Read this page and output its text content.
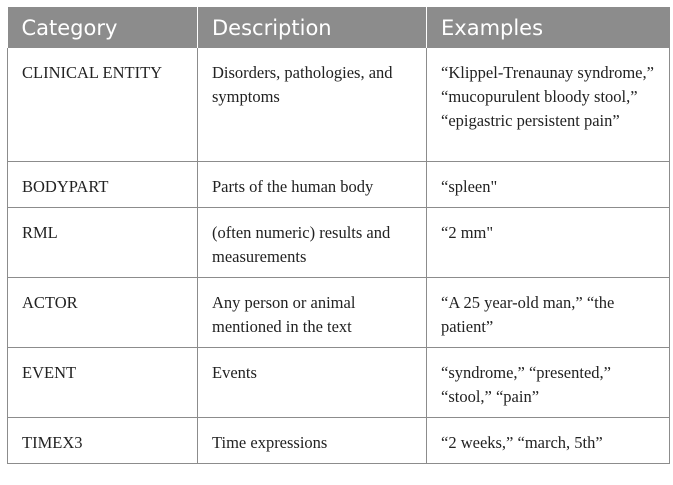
Category	Description	Examples
CLINICAL ENTITY	Disorders, pathologies, and symptoms	“Klippel-Trenaunay syndrome,” “mucopurulent bloody stool,” “epigastric persistent pain”
BODYPART	Parts of the human body	“spleen"
RML	(often numeric) results and measurements	“2 mm"
ACTOR	Any person or animal mentioned in the text	“A 25 year-old man,” “the patient”
EVENT	Events	“syndrome,” “presented,” “stool,” “pain”
TIMEX3	Time expressions	“2 weeks,” “march, 5th”
